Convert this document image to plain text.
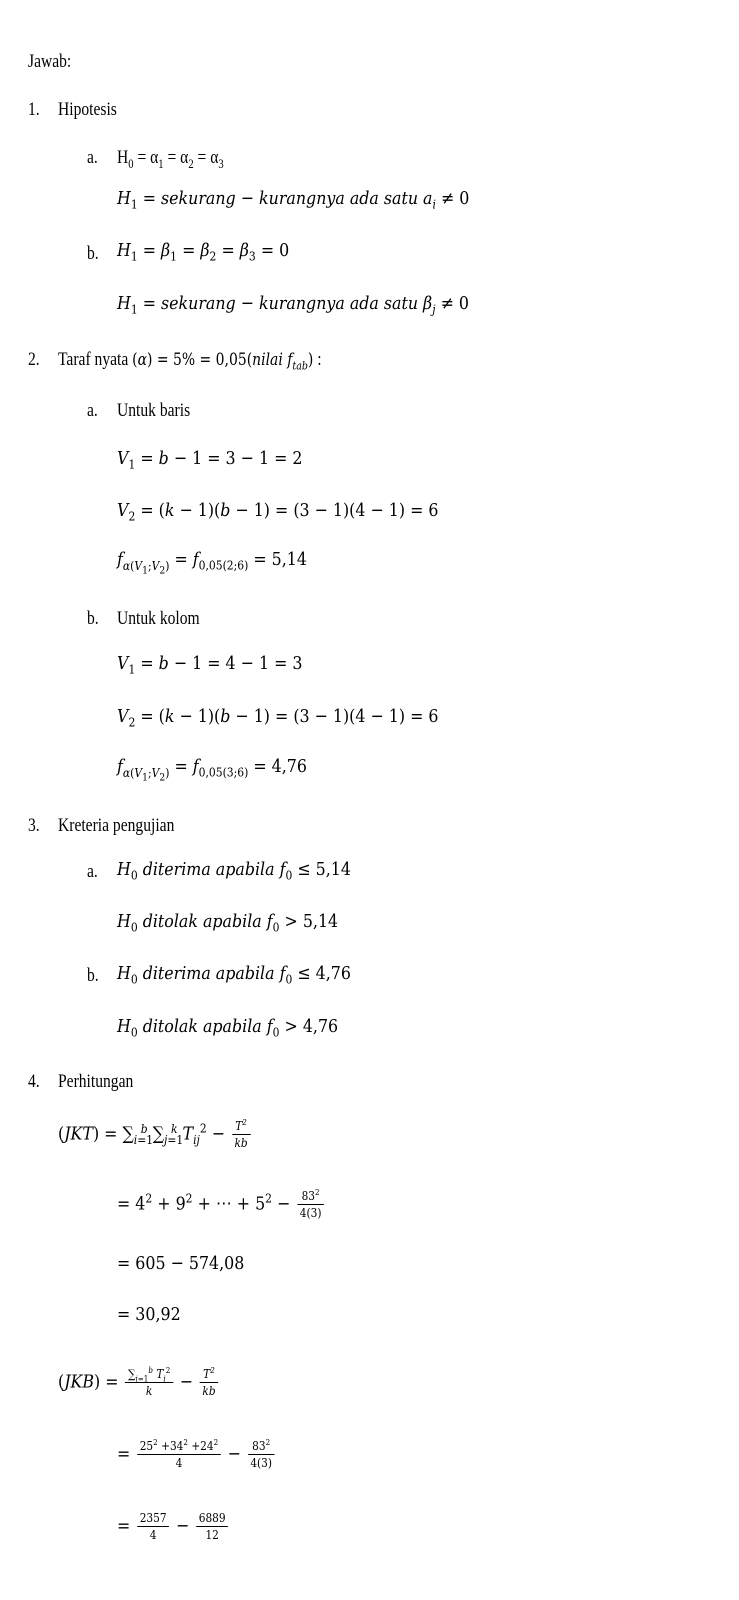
Jawab:
1. Hipotesis
a. $H_0 = \alpha_1 = \alpha_2 = \alpha_3$
$H_1$ = sekurang − kurangnya ada satu $a_i \ne 0$
b. $H_1 = \beta_1 = \beta_2 = \beta_3 = 0$
$H_1$ = sekurang − kurangnya ada satu $\beta_j \ne 0$
2. Taraf nyata (α) = 5% = 0,05(nilai $f_{tab}$) :
a. Untuk baris
$V_1 = b - 1 = 3 - 1 = 2$
$V_2 = (k - 1)(b - 1) = (3 - 1)(4 - 1) = 6$
$f_{\alpha(V_1;V_2)} = f_{0,05(2;6)} = 5,14$
b. Untuk kolom
$V_1 = b - 1 = 4 - 1 = 3$
$V_2 = (k - 1)(b - 1) = (3 - 1)(4 - 1) = 6$
$f_{\alpha(V_1;V_2)} = f_{0,05(3;6)} = 4,76$
3. Kreteria pengujian
a. $H_0$ diterima apabila $f_0 \le 5,14$
$H_0$ ditolak apabila $f_0 > 5,14$
b. $H_0$ diterima apabila $f_0 \le 4,76$
$H_0$ ditolak apabila $f_0 > 4,76$
4. Perhitungan
$(JKT) = \sum_{i=1}^b$ $\sum_{j=1}^k$ $T_{ij}^2 - \frac{T^2}{kb}$
= $4^2 + 9^2$ + ⋯ + $5^2 - \frac{83^2}{4(3)}$
= 605 − 574,08
= 30,92
$(JKB) = \frac{\sum_{i=1}^b T_i^2}{k} - \frac{T^2}{kb}$
= $\frac{25^2 +34^2 +24^2}{4} - \frac{83^2}{4(3)}$
= $\frac{2357}{4} - \frac{6889}{12}$
